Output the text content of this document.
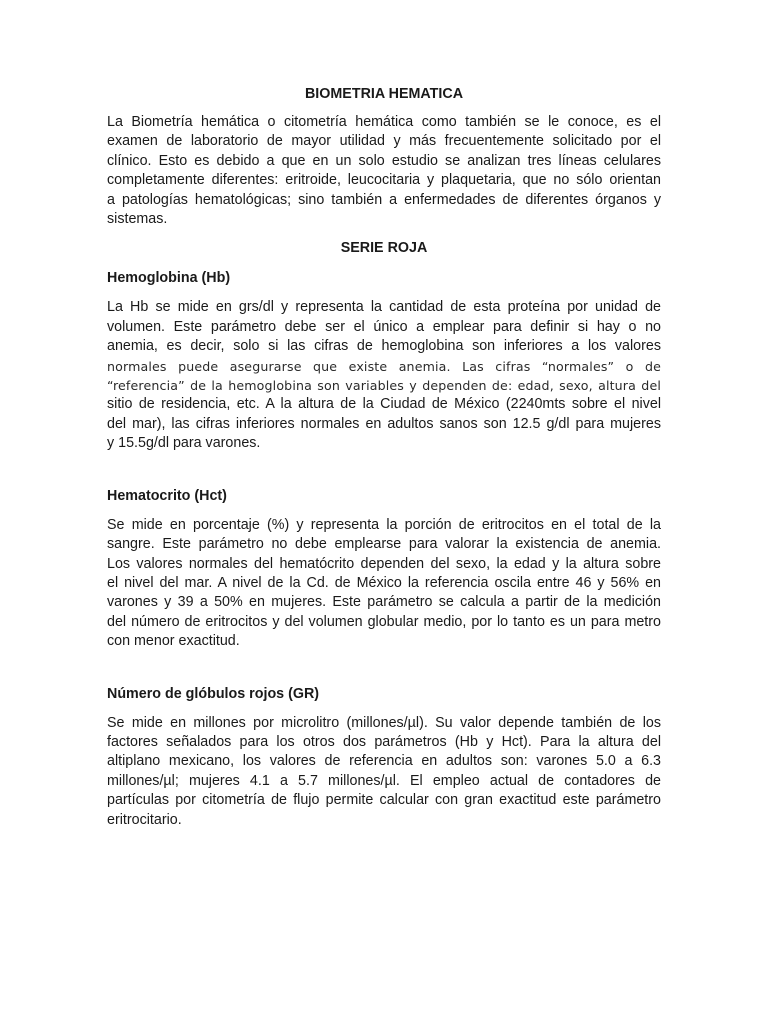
BIOMETRIA HEMATICA
La Biometría hemática o citometría hemática como también se le conoce, es el
examen de laboratorio de mayor utilidad y más frecuentemente solicitado por el
clínico. Esto es debido a que en un solo estudio se analizan tres líneas celulares
completamente diferentes: eritroide, leucocitaria y plaquetaria, que no sólo orientan
a patologías hematológicas; sino también a enfermedades de diferentes órganos y
sistemas.
SERIE ROJA
Hemoglobina (Hb)
La Hb se mide en grs/dl y representa la cantidad de esta proteína por unidad de
volumen. Este parámetro debe ser el único a emplear para definir si hay o no
anemia, es decir, solo si las cifras de hemoglobina son inferiores a los valores
normales puede asegurarse que existe anemia. Las cifras “normales” o de
“referencia” de la hemoglobina son variables y dependen de: edad, sexo, altura del
sitio de residencia, etc. A la altura de la Ciudad de México (2240mts sobre el nivel
del mar), las cifras inferiores normales en adultos sanos son 12.5 g/dl para mujeres
y 15.5g/dl para varones.
Hematocrito (Hct)
Se mide en porcentaje (%) y representa la porción de eritrocitos en el total de la
sangre. Este parámetro no debe emplearse para valorar la existencia de anemia.
Los valores normales del hematócrito dependen del sexo, la edad y la altura sobre
el nivel del mar. A nivel de la Cd. de México la referencia oscila entre 46 y 56% en
varones y 39 a 50% en mujeres. Este parámetro se calcula a partir de la medición
del número de eritrocitos y del volumen globular medio, por lo tanto es un para metro
con menor exactitud.
Número de glóbulos rojos (GR)
Se mide en millones por microlitro (millones/µl). Su valor depende también de los
factores señalados para los otros dos parámetros (Hb y Hct). Para la altura del
altiplano mexicano, los valores de referencia en adultos son: varones 5.0 a 6.3
millones/µl; mujeres 4.1 a 5.7 millones/µl. El empleo actual de contadores de
partículas por citometría de flujo permite calcular con gran exactitud este parámetro
eritrocitario.
